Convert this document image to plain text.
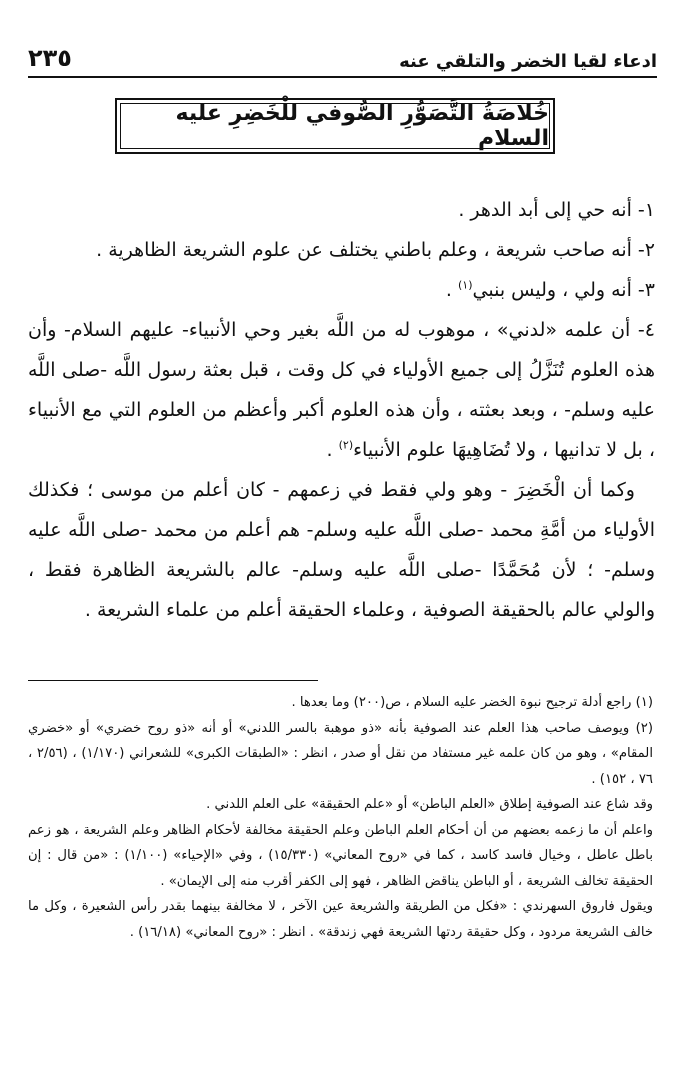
٢٣٥	ادعاء لقيا الخضر والتلقي عنه
خُلاصَةُ التَّصَوُّرِ الصُّوفي للْخَضِرِ عليه السلام

١- أنه حي إلى أبد الدهر .

٢- أنه صاحب شريعة ، وعلم باطني يختلف عن علوم الشريعة الظاهرية .

٣- أنه ولي ، وليس بنبي$^{(١)}$ .

٤- أن علمه «لدني» ، موهوب له من اللَّه بغير وحي الأنبياء- عليهم السلام- وأن هذه العلوم تُنَزَّلُ إلى جميع الأولياء في كل وقت ، قبل بعثة رسول اللَّه -صلى اللَّه عليه وسلم- ، وبعد بعثته ، وأن هذه العلوم أكبر وأعظم من العلوم التي مع الأنبياء ، بل لا تدانيها ، ولا تُضَاهِيهَا علوم الأنبياء$^{(٢)}$ .

وكما أن الْخَضِرَ - وهو ولي فقط في زعمهم - كان أعلم من موسى ؛ فكذلك الأولياء من أمَّةِ محمد -صلى اللَّه عليه وسلم- هم أعلم من محمد -صلى اللَّه عليه وسلم- ؛ لأن مُحَمَّدًا -صلى اللَّه عليه وسلم- عالم بالشريعة الظاهرة فقط ، والولي عالم بالحقيقة الصوفية ، وعلماء الحقيقة أعلم من علماء الشريعة .

(١) راجع أدلة ترجيح نبوة الخضر عليه السلام ، ص(٢٠٠) وما بعدها .

(٢) ويوصف صاحب هذا العلم عند الصوفية بأنه «ذو موهبة بالسر اللدني» أو أنه «ذو روح خضري» أو «خضري المقام» ، وهو من كان علمه غير مستفاد من نقل أو صدر ، انظر : «الطبقات الكبرى» للشعراني (١/١٧٠) ، (٢/٥٦ ، ٧٦ ، ١٥٢) .

وقد شاع عند الصوفية إطلاق «العلم الباطن» أو «علم الحقيقة» على العلم اللدني .

واعلم أن ما زعمه بعضهم من أن أحكام العلم الباطن وعلم الحقيقة مخالفة لأحكام الظاهر وعلم الشريعة ، هو زعم باطل عاطل ، وخيال فاسد كاسد ، كما في «روح المعاني» (١٥/٣٣٠) ، وفي «الإحياء» (١/١٠٠) : «من قال : إن الحقيقة تخالف الشريعة ، أو الباطن يناقض الظاهر ، فهو إلى الكفر أقرب منه إلى الإيمان» .

ويقول فاروق السهرندي : «فكل من الطريقة والشريعة عين الآخر ، لا مخالفة بينهما بقدر رأس الشعيرة ، وكل ما خالف الشريعة مردود ، وكل حقيقة ردتها الشريعة فهي زندقة» . انظر : «روح المعاني» (١٦/١٨) .
